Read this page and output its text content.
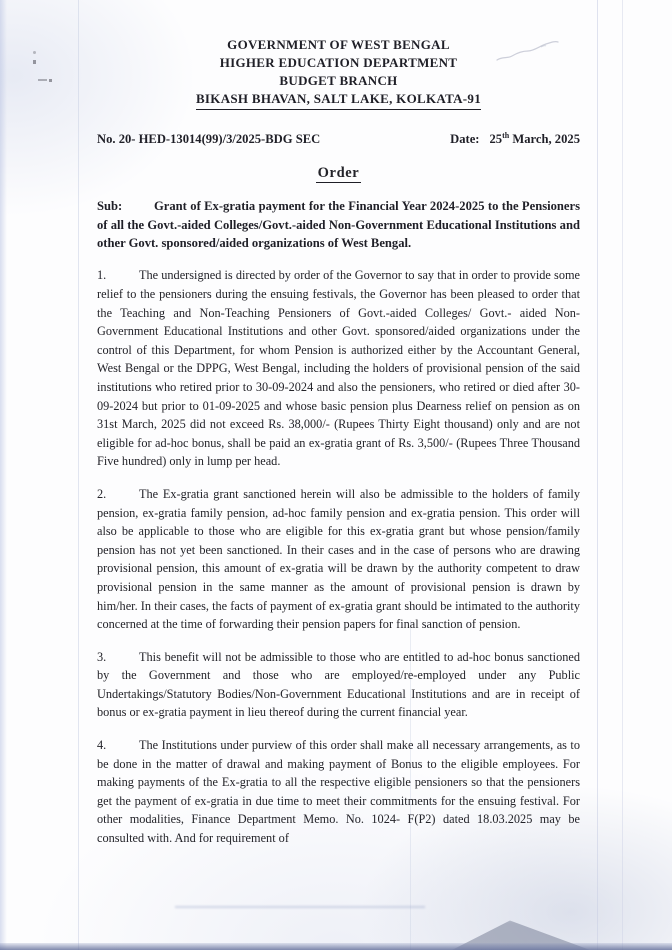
GOVERNMENT OF WEST BENGAL
HIGHER EDUCATION DEPARTMENT
BUDGET BRANCH
BIKASH BHAVAN, SALT LAKE, KOLKATA-91
No. 20- HED-13014(99)/3/2025-BDG SEC	Date: 25th March, 2025
Order
Sub:	Grant of Ex-gratia payment for the Financial Year 2024-2025 to the Pensioners of all the Govt.-aided Colleges/Govt.-aided Non-Government Educational Institutions and other Govt. sponsored/aided organizations of West Bengal.

1.	The undersigned is directed by order of the Governor to say that in order to provide some relief to the pensioners during the ensuing festivals, the Governor has been pleased to order that the Teaching and Non-Teaching Pensioners of Govt.-aided Colleges/ Govt.- aided Non-Government Educational Institutions and other Govt. sponsored/aided organizations under the control of this Department, for whom Pension is authorized either by the Accountant General, West Bengal or the DPPG, West Bengal, including the holders of provisional pension of the said institutions who retired prior to 30-09-2024 and also the pensioners, who retired or died after 30-09-2024 but prior to 01-09-2025 and whose basic pension plus Dearness relief on pension as on 31st March, 2025 did not exceed Rs. 38,000/- (Rupees Thirty Eight thousand) only and are not eligible for ad-hoc bonus, shall be paid an ex-gratia grant of Rs. 3,500/- (Rupees Three Thousand Five hundred) only in lump per head.

2.	The Ex-gratia grant sanctioned herein will also be admissible to the holders of family pension, ex-gratia family pension, ad-hoc family pension and ex-gratia pension. This order will also be applicable to those who are eligible for this ex-gratia grant but whose pension/family pension has not yet been sanctioned. In their cases and in the case of persons who are drawing provisional pension, this amount of ex-gratia will be drawn by the authority competent to draw provisional pension in the same manner as the amount of provisional pension is drawn by him/her. In their cases, the facts of payment of ex-gratia grant should be intimated to the authority concerned at the time of forwarding their pension papers for final sanction of pension.

3.	This benefit will not be admissible to those who are entitled to ad-hoc bonus sanctioned by the Government and those who are employed/re-employed under any Public Undertakings/Statutory Bodies/Non-Government Educational Institutions and are in receipt of bonus or ex-gratia payment in lieu thereof during the current financial year.

4.	The Institutions under purview of this order shall make all necessary arrangements, as to be done in the matter of drawal and making payment of Bonus to the eligible employees. For making payments of the Ex-gratia to all the respective eligible pensioners so that the pensioners get the payment of ex-gratia in due time to meet their commitments for the ensuing festival. For other modalities, Finance Department Memo. No. 1024- F(P2) dated 18.03.2025 may be consulted with. And for requirement of
